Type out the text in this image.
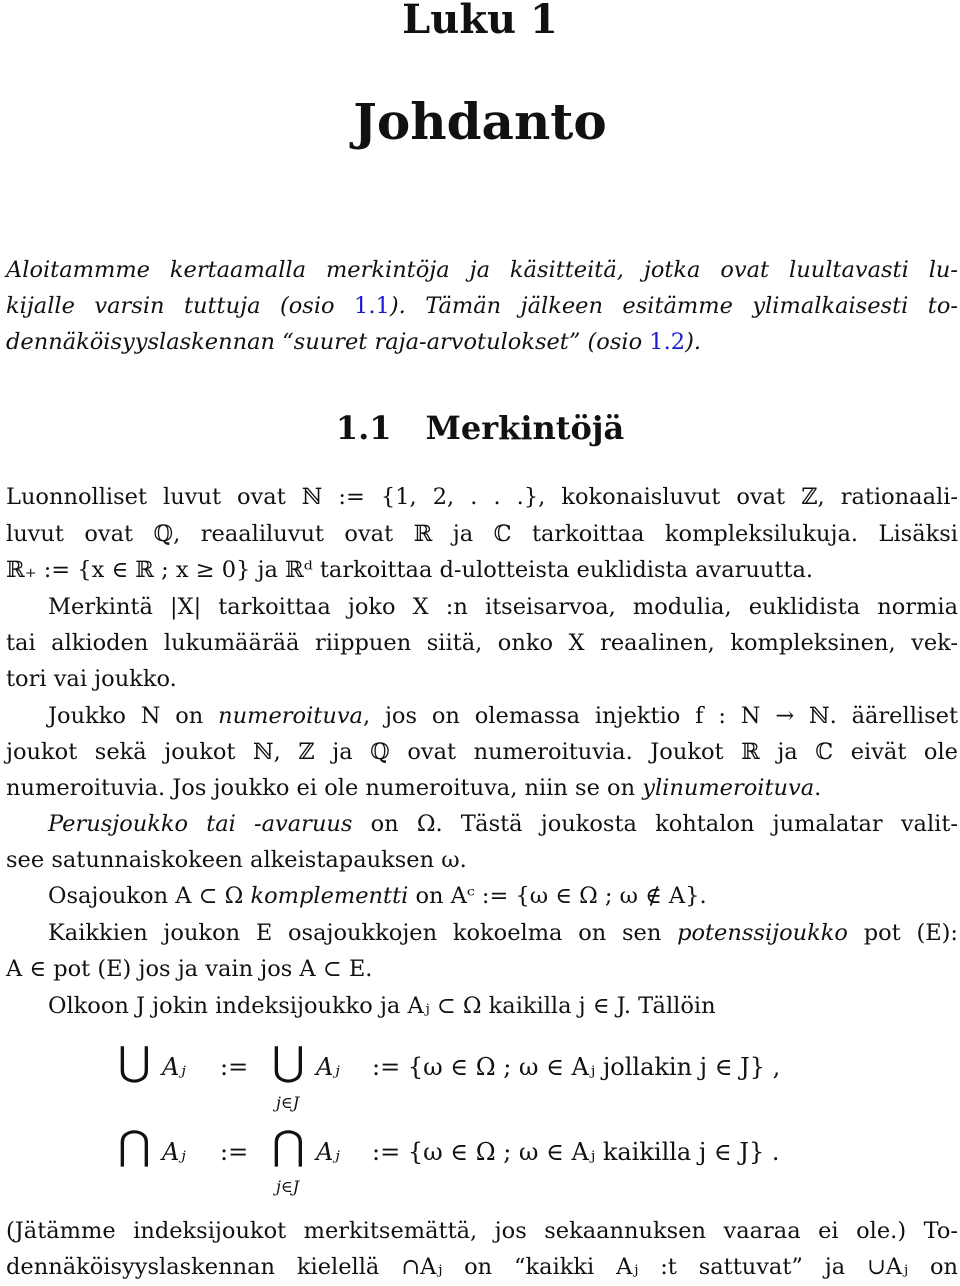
Luku 1
Johdanto
Aloitammme kertaamalla merkintöja ja käsitteitä, jotka ovat luultavasti lu-
kijalle varsin tuttuja (osio 1.1). Tämän jälkeen esitämme ylimalkaisesti to-
dennäköisyyslaskennan “suuret raja-arvotulokset” (osio 1.2).
1.1 Merkintöjä
Luonnolliset luvut ovat ℕ := {1, 2, . . .}, kokonaisluvut ovat ℤ, rationaali-
luvut ovat ℚ, reaaliluvut ovat ℝ ja ℂ tarkoittaa kompleksilukuja. Lisäksi
ℝ₊ := {x ∈ ℝ ; x ≥ 0} ja ℝᵈ tarkoittaa d-ulotteista euklidista avaruutta.
Merkintä |X| tarkoittaa joko X :n itseisarvoa, modulia, euklidista normia
tai alkioden lukumäärää riippuen siitä, onko X reaalinen, kompleksinen, vek-
tori vai joukko.
Joukko N on numeroituva, jos on olemassa injektio f : N → ℕ. äärelliset
joukot sekä joukot ℕ, ℤ ja ℚ ovat numeroituvia. Joukot ℝ ja ℂ eivät ole
numeroituvia. Jos joukko ei ole numeroituva, niin se on ylinumeroituva.
Perusjoukko tai -avaruus on Ω. Tästä joukosta kohtalon jumalatar valit-
see satunnaiskokeen alkeistapauksen ω.
Osajoukon A ⊂ Ω komplementti on Aᶜ := {ω ∈ Ω ; ω ∉ A}.
Kaikkien joukon E osajoukkojen kokoelma on sen potenssijoukko pot (E):
A ∈ pot (E) jos ja vain jos A ⊂ E.
Olkoon J jokin indeksijoukko ja Aⱼ ⊂ Ω kaikilla j ∈ J. Tällöin
⋃ Aⱼ := ⋃
j∈J
Aⱼ := {ω ∈ Ω ; ω ∈ Aⱼ jollakin j ∈ J} ,
⋂ Aⱼ := ⋂
j∈J
Aⱼ := {ω ∈ Ω ; ω ∈ Aⱼ kaikilla j ∈ J} .
(Jätämme indeksijoukot merkitsemättä, jos sekaannuksen vaaraa ei ole.) To-
dennäköisyyslaskennan kielellä ∩Aⱼ on “kaikki Aⱼ :t sattuvat” ja ∪Aⱼ on
